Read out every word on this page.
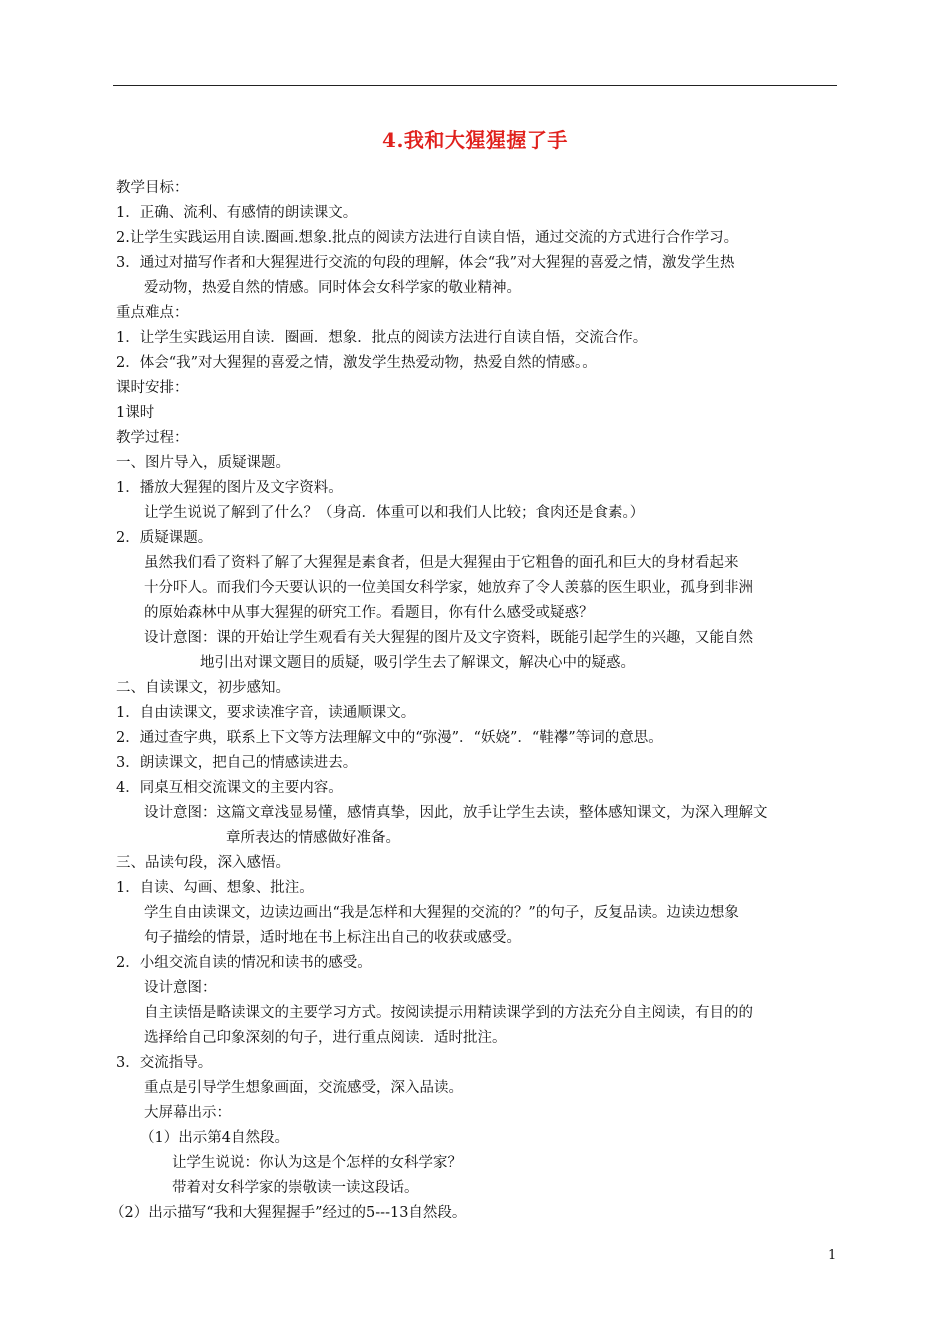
4.我和大猩猩握了手
教学目标：
1．正确、流利、有感情的朗读课文。
2.让学生实践运用自读.圈画.想象.批点的阅读方法进行自读自悟，通过交流的方式进行合作学习。
3．通过对描写作者和大猩猩进行交流的句段的理解，体会“我”对大猩猩的喜爱之情，激发学生热
爱动物，热爱自然的情感。同时体会女科学家的敬业精神。
重点难点：
1．让学生实践运用自读．圈画．想象．批点的阅读方法进行自读自悟，交流合作。
2．体会“我”对大猩猩的喜爱之情，激发学生热爱动物，热爱自然的情感。。
课时安排：
1课时
教学过程：
一、图片导入，质疑课题。
1．播放大猩猩的图片及文字资料。
让学生说说了解到了什么？（身高．体重可以和我们人比较；食肉还是食素。）
2．质疑课题。
虽然我们看了资料了解了大猩猩是素食者，但是大猩猩由于它粗鲁的面孔和巨大的身材看起来
十分吓人。而我们今天要认识的一位美国女科学家，她放弃了令人羡慕的医生职业，孤身到非洲
的原始森林中从事大猩猩的研究工作。看题目，你有什么感受或疑惑？
设计意图：课的开始让学生观看有关大猩猩的图片及文字资料，既能引起学生的兴趣，又能自然
地引出对课文题目的质疑，吸引学生去了解课文，解决心中的疑惑。
二、自读课文，初步感知。
1．自由读课文，要求读准字音，读通顺课文。
2．通过查字典，联系上下文等方法理解文中的“弥漫”．“妖娆”．“鞋襻”等词的意思。
3．朗读课文，把自己的情感读进去。
4．同桌互相交流课文的主要内容。
设计意图：这篇文章浅显易懂，感情真挚，因此，放手让学生去读，整体感知课文，为深入理解文
章所表达的情感做好准备。
三、品读句段，深入感悟。
1．自读、勾画、想象、批注。
学生自由读课文，边读边画出“我是怎样和大猩猩的交流的？”的句子，反复品读。边读边想象
句子描绘的情景，适时地在书上标注出自己的收获或感受。
2．小组交流自读的情况和读书的感受。
设计意图：
自主读悟是略读课文的主要学习方式。按阅读提示用精读课学到的方法充分自主阅读，有目的的
选择给自己印象深刻的句子，进行重点阅读．适时批注。
3．交流指导。
重点是引导学生想象画面，交流感受，深入品读。
大屏幕出示：
（1）出示第4自然段。
让学生说说：你认为这是个怎样的女科学家？
带着对女科学家的崇敬读一读这段话。
（2）出示描写“我和大猩猩握手”经过的5---13自然段。
1
